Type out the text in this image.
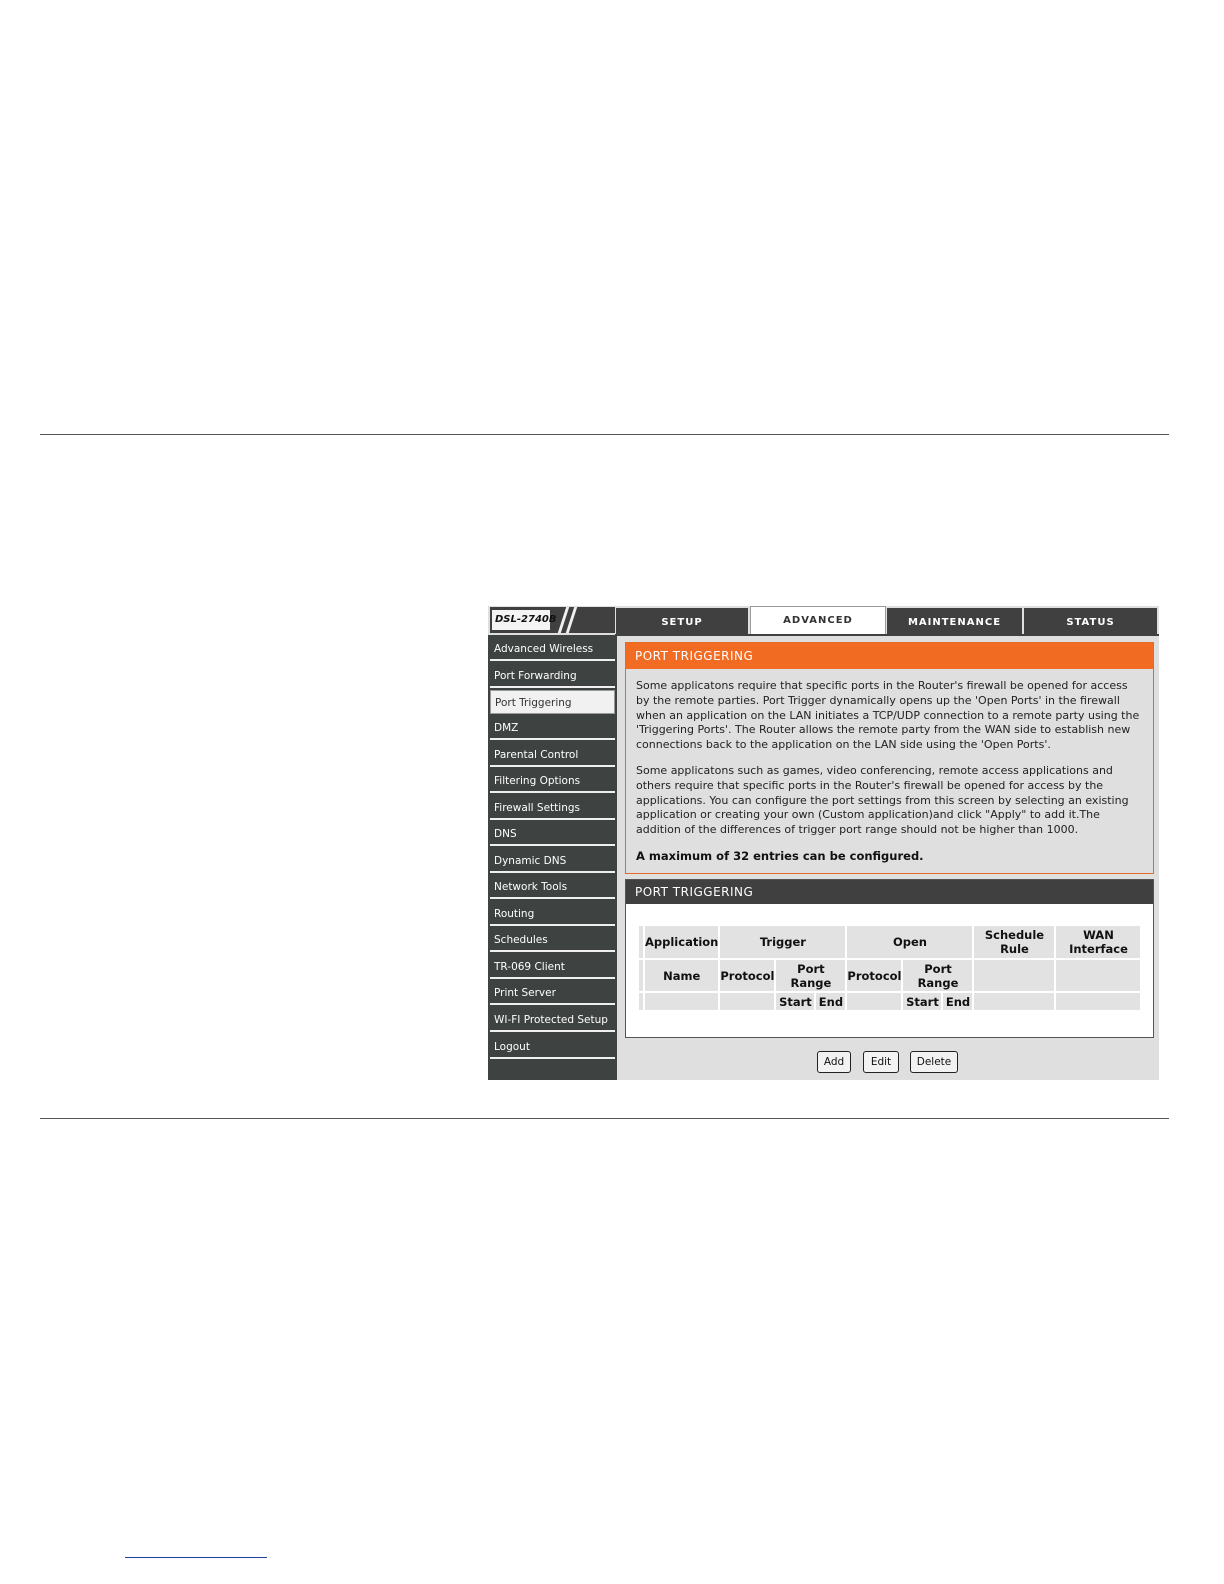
DSL-2740B	SETUP	ADVANCED	MAINTENANCE	STATUS
Advanced Wireless
Port Forwarding
Port Triggering
DMZ
Parental Control
Filtering Options
Firewall Settings
DNS
Dynamic DNS
Network Tools
Routing
Schedules
TR-069 Client
Print Server
WI-FI Protected Setup
Logout
PORT TRIGGERING

Some applicatons require that specific ports in the Router's firewall be opened for access by the remote parties. Port Trigger dynamically opens up the 'Open Ports' in the firewall when an application on the LAN initiates a TCP/UDP connection to a remote party using the 'Triggering Ports'. The Router allows the remote party from the WAN side to establish new connections back to the application on the LAN side using the 'Open Ports'.

Some applicatons such as games, video conferencing, remote access applications and others require that specific ports in the Router's firewall be opened for access by the applications. You can configure the port settings from this screen by selecting an existing application or creating your own (Custom application)and click "Apply" to add it.The addition of the differences of trigger port range should not be higher than 1000.

A maximum of 32 entries can be configured.
PORT TRIGGERING
	Application	Trigger			Open			Schedule Rule	WAN Interface
	Name	Protocol	Port Range		Protocol	Port Range			
			Start	End		Start	End		
Add	Edit	Delete
